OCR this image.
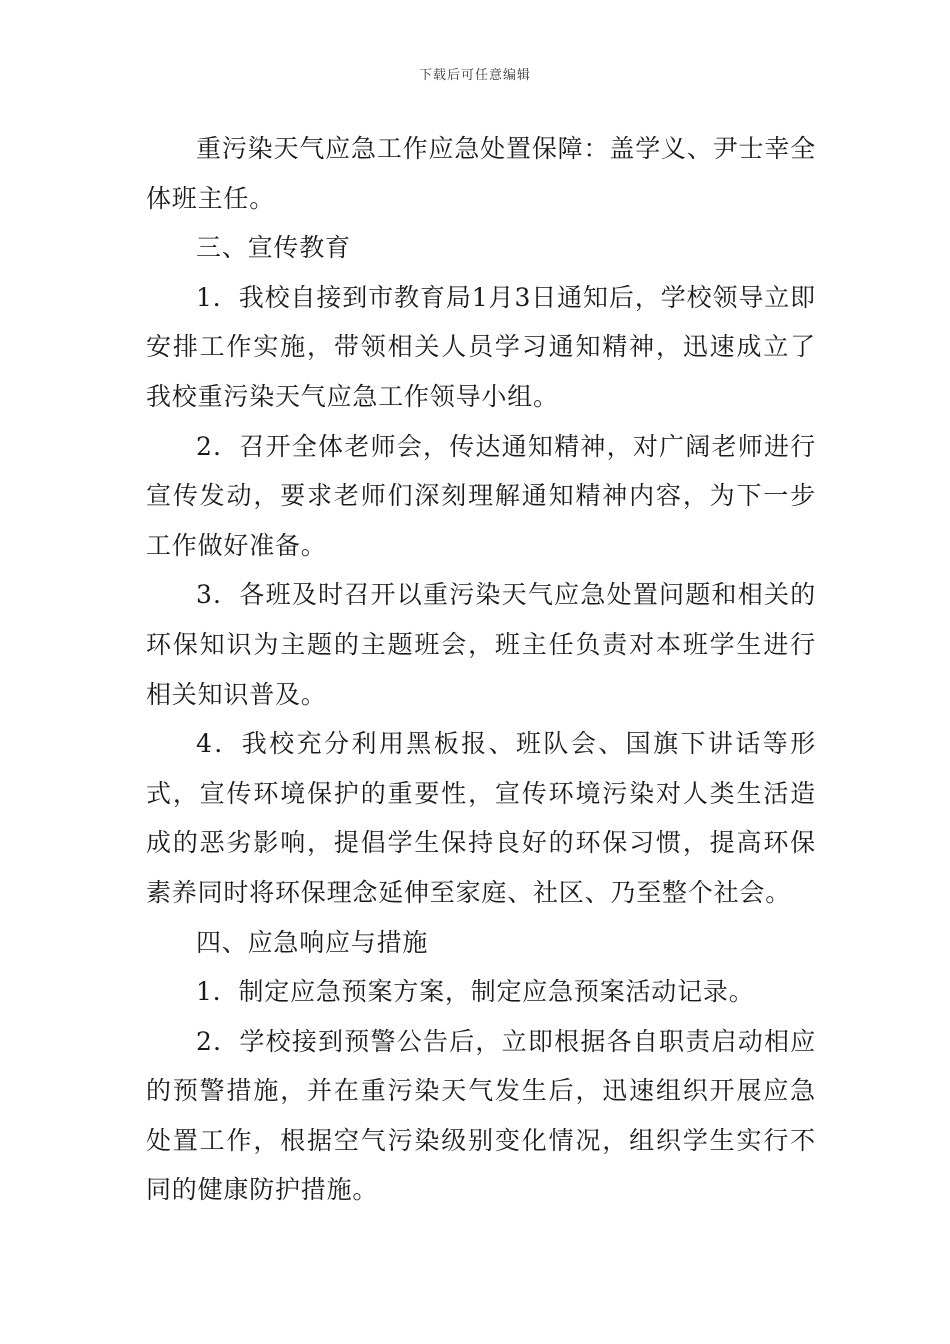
下载后可任意编辑

重污染天气应急工作应急处置保障：盖学义、尹士幸全体班主任。

三、宣传教育

1．我校自接到市教育局1月3日通知后，学校领导立即安排工作实施，带领相关人员学习通知精神，迅速成立了我校重污染天气应急工作领导小组。

2．召开全体老师会，传达通知精神，对广阔老师进行宣传发动，要求老师们深刻理解通知精神内容，为下一步工作做好准备。

3．各班及时召开以重污染天气应急处置问题和相关的环保知识为主题的主题班会，班主任负责对本班学生进行相关知识普及。

4．我校充分利用黑板报、班队会、国旗下讲话等形式，宣传环境保护的重要性，宣传环境污染对人类生活造成的恶劣影响，提倡学生保持良好的环保习惯，提高环保素养同时将环保理念延伸至家庭、社区、乃至整个社会。

四、应急响应与措施

1．制定应急预案方案，制定应急预案活动记录。

2．学校接到预警公告后，立即根据各自职责启动相应的预警措施，并在重污染天气发生后，迅速组织开展应急处置工作，根据空气污染级别变化情况，组织学生实行不同的健康防护措施。
